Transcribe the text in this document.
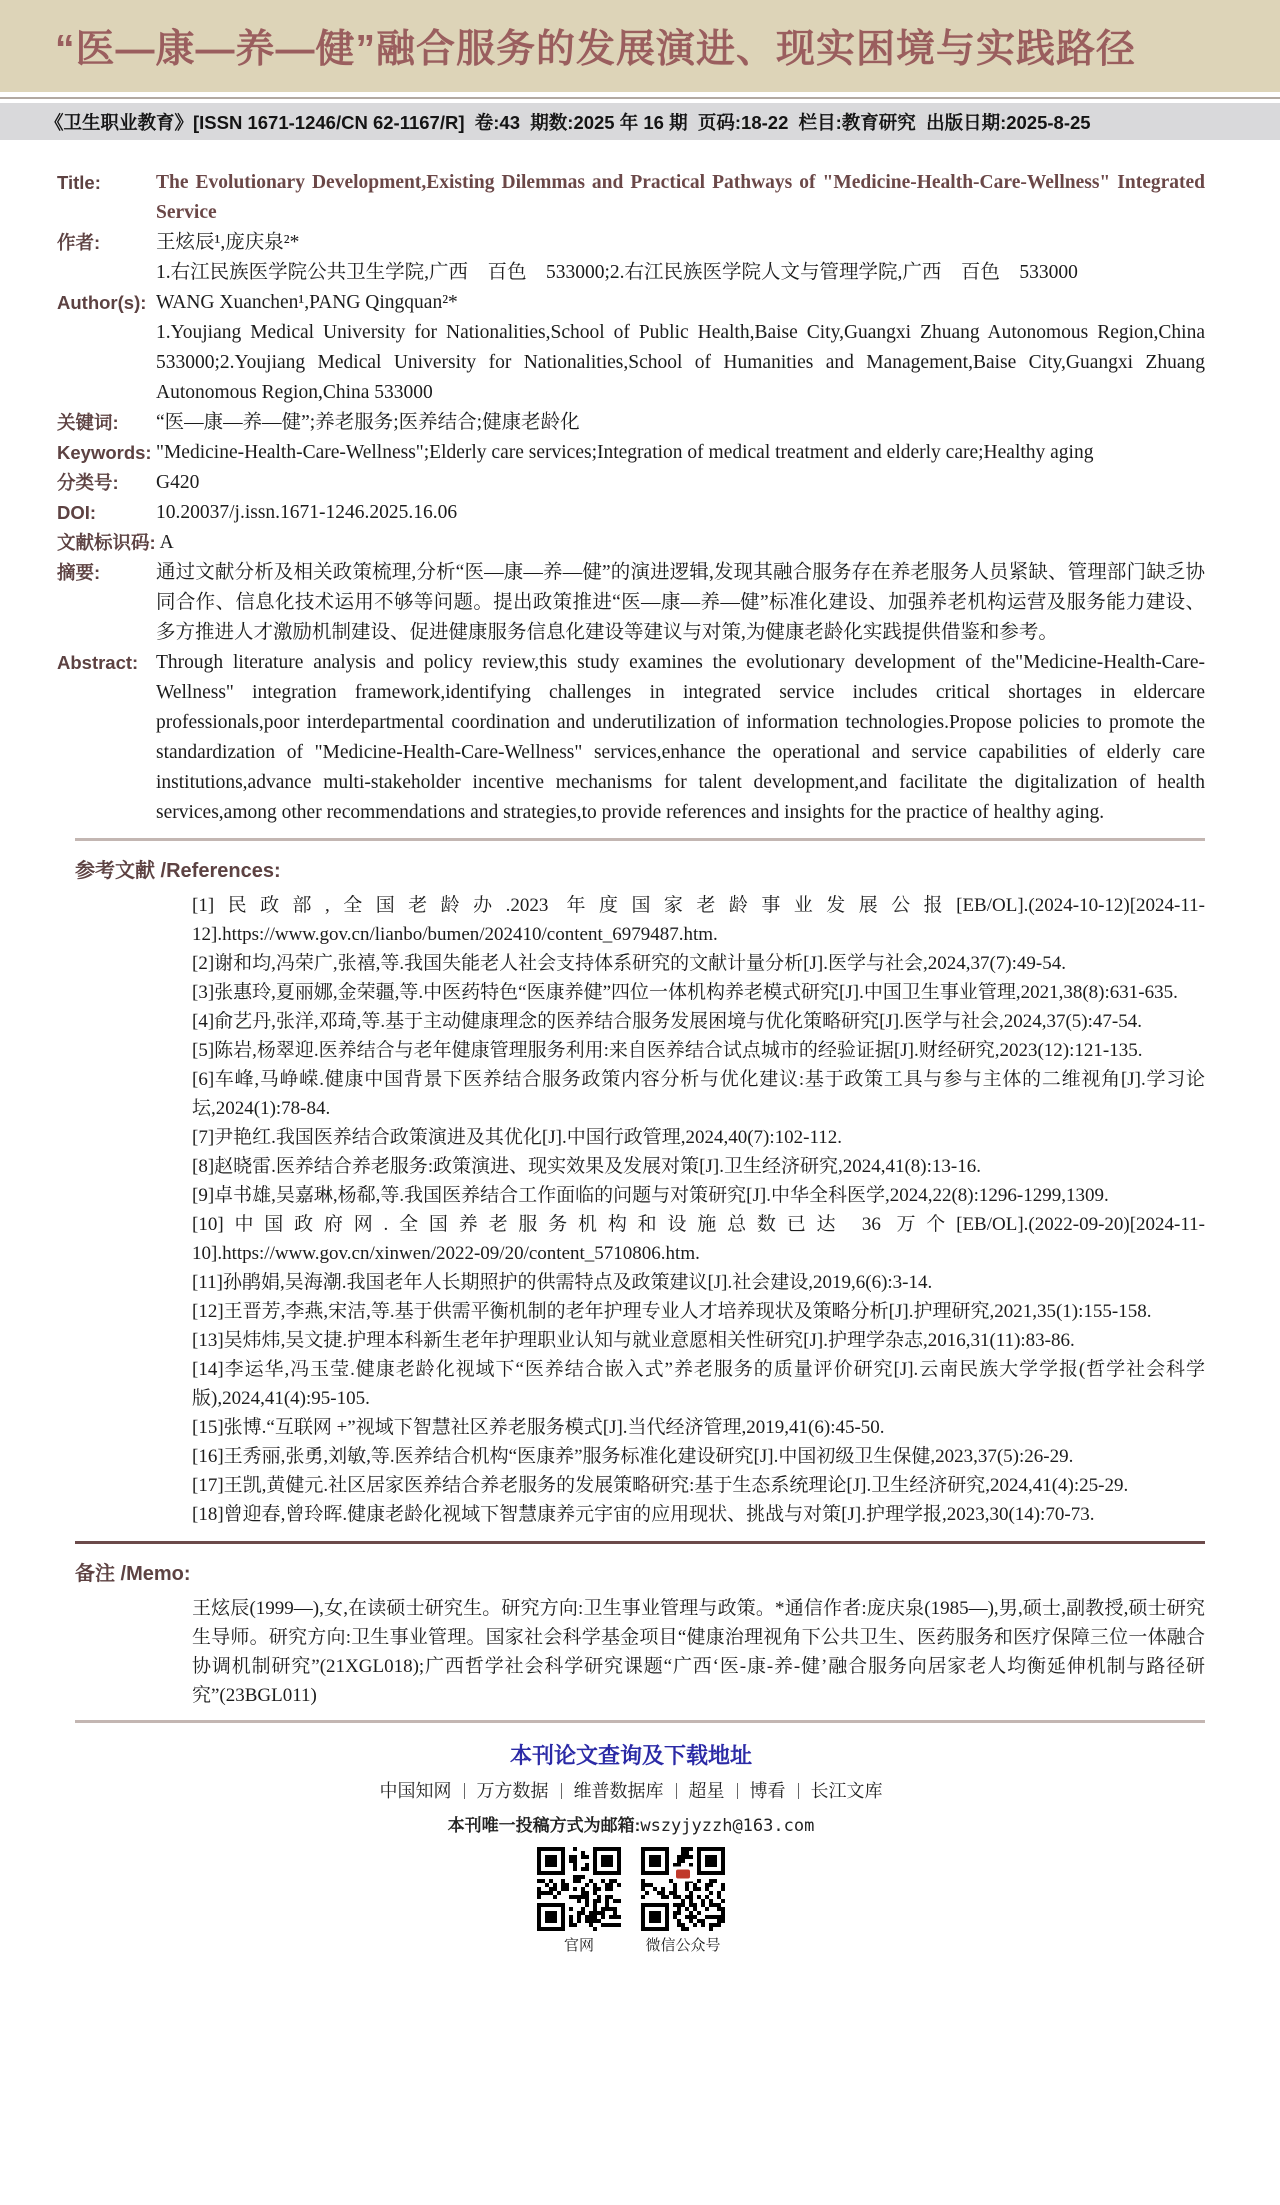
“医—康—养—健”融合服务的发展演进、现实困境与实践路径
《卫生职业教育》[ISSN 1671-1246/CN 62-1167/R]  卷:43  期数:2025 年 16 期  页码:18-22  栏目:教育研究  出版日期:2025-8-25
Title:	The Evolutionary Development,Existing Dilemmas and Practical Pathways of "Medicine-Health-Care-Wellness" Integrated Service
作者:	王炫辰¹,庞庆泉²*

1.右江民族医学院公共卫生学院,广西　百色　533000;2.右江民族医学院人文与管理学院,广西　百色　533000

Author(s): WANG Xuanchen¹,PANG Qingquan²*

1.Youjiang Medical University for Nationalities,School of Public Health,Baise City,Guangxi Zhuang Autonomous Region,China 533000;2.Youjiang Medical University for Nationalities,School of Humanities and Management,Baise City,Guangxi Zhuang Autonomous Region,China 533000

关键词:	“医—康—养—健”;养老服务;医养结合;健康老龄化
Keywords: "Medicine-Health-Care-Wellness";Elderly care services;Integration of medical treatment and elderly care;Healthy aging
分类号:	G420
DOI:	10.20037/j.issn.1671-1246.2025.16.06
文献标识码: A
摘要:	通过文献分析及相关政策梳理,分析“医—康—养—健”的演进逻辑,发现其融合服务存在养老服务人员紧缺、管理部门缺乏协同合作、信息化技术运用不够等问题。提出政策推进“医—康—养—健”标准化建设、加强养老机构运营及服务能力建设、多方推进人才激励机制建设、促进健康服务信息化建设等建议与对策,为健康老龄化实践提供借鉴和参考。
Abstract: Through literature analysis and policy review,this study examines the evolutionary development of the"Medicine-Health-Care-Wellness" integration framework,identifying challenges in integrated service includes critical shortages in eldercare professionals,poor interdepartmental coordination and underutilization of information technologies.Propose policies to promote the standardization of "Medicine-Health-Care-Wellness" services,enhance the operational and service capabilities of elderly care institutions,advance multi-stakeholder incentive mechanisms for talent development,and facilitate the digitalization of health services,among other recommendations and strategies,to provide references and insights for the practice of healthy aging.
参考文献 /References:

[1]民政部,全国老龄办.2023 年度国家老龄事业发展公报[EB/OL].(2024-10-12)[2024-11-12].https://www.gov.cn/lianbo/bumen/202410/content_6979487.htm.

[2]谢和均,冯荣广,张禧,等.我国失能老人社会支持体系研究的文献计量分析[J].医学与社会,2024,37(7):49-54.

[3]张惠玲,夏丽娜,金荣疆,等.中医药特色“医康养健”四位一体机构养老模式研究[J].中国卫生事业管理,2021,38(8):631-635.

[4]俞艺丹,张洋,邓琦,等.基于主动健康理念的医养结合服务发展困境与优化策略研究[J].医学与社会,2024,37(5):47-54.

[5]陈岩,杨翠迎.医养结合与老年健康管理服务利用:来自医养结合试点城市的经验证据[J].财经研究,2023(12):121-135.

[6]车峰,马峥嵘.健康中国背景下医养结合服务政策内容分析与优化建议:基于政策工具与参与主体的二维视角[J].学习论坛,2024(1):78-84.

[7]尹艳红.我国医养结合政策演进及其优化[J].中国行政管理,2024,40(7):102-112.

[8]赵晓雷.医养结合养老服务:政策演进、现实效果及发展对策[J].卫生经济研究,2024,41(8):13-16.

[9]卓书雄,吴嘉琳,杨郗,等.我国医养结合工作面临的问题与对策研究[J].中华全科医学,2024,22(8):1296-1299,1309.

[10]中国政府网.全国养老服务机构和设施总数已达 36 万个[EB/OL].(2022-09-20)[2024-11-10].https://www.gov.cn/xinwen/2022-09/20/content_5710806.htm.

[11]孙鹃娟,吴海潮.我国老年人长期照护的供需特点及政策建议[J].社会建设,2019,6(6):3-14.

[12]王晋芳,李燕,宋洁,等.基于供需平衡机制的老年护理专业人才培养现状及策略分析[J].护理研究,2021,35(1):155-158.

[13]吴炜炜,吴文捷.护理本科新生老年护理职业认知与就业意愿相关性研究[J].护理学杂志,2016,31(11):83-86.

[14]李运华,冯玉莹.健康老龄化视域下“医养结合嵌入式”养老服务的质量评价研究[J].云南民族大学学报(哲学社会科学版),2024,41(4):95-105.

[15]张博.“互联网 +”视域下智慧社区养老服务模式[J].当代经济管理,2019,41(6):45-50.

[16]王秀丽,张勇,刘敏,等.医养结合机构“医康养”服务标准化建设研究[J].中国初级卫生保健,2023,37(5):26-29.

[17]王凯,黄健元.社区居家医养结合养老服务的发展策略研究:基于生态系统理论[J].卫生经济研究,2024,41(4):25-29.

[18]曾迎春,曾玲晖.健康老龄化视域下智慧康养元宇宙的应用现状、挑战与对策[J].护理学报,2023,30(14):70-73.

备注 /Memo:
王炫辰(1999—),女,在读硕士研究生。研究方向:卫生事业管理与政策。*通信作者:庞庆泉(1985—),男,硕士,副教授,硕士研究生导师。研究方向:卫生事业管理。国家社会科学基金项目“健康治理视角下公共卫生、医药服务和医疗保障三位一体融合协调机制研究”(21XGL018);广西哲学社会科学研究课题“广西‘医-康-养-健’融合服务向居家老人均衡延伸机制与路径研究”(23BGL011)

本刊论文查询及下载地址

中国知网 万方数据 维普数据库 超星 博看 长江文库
本刊唯一投稿方式为邮箱:wszyjyzzh@163.com
官网	微信公众号
